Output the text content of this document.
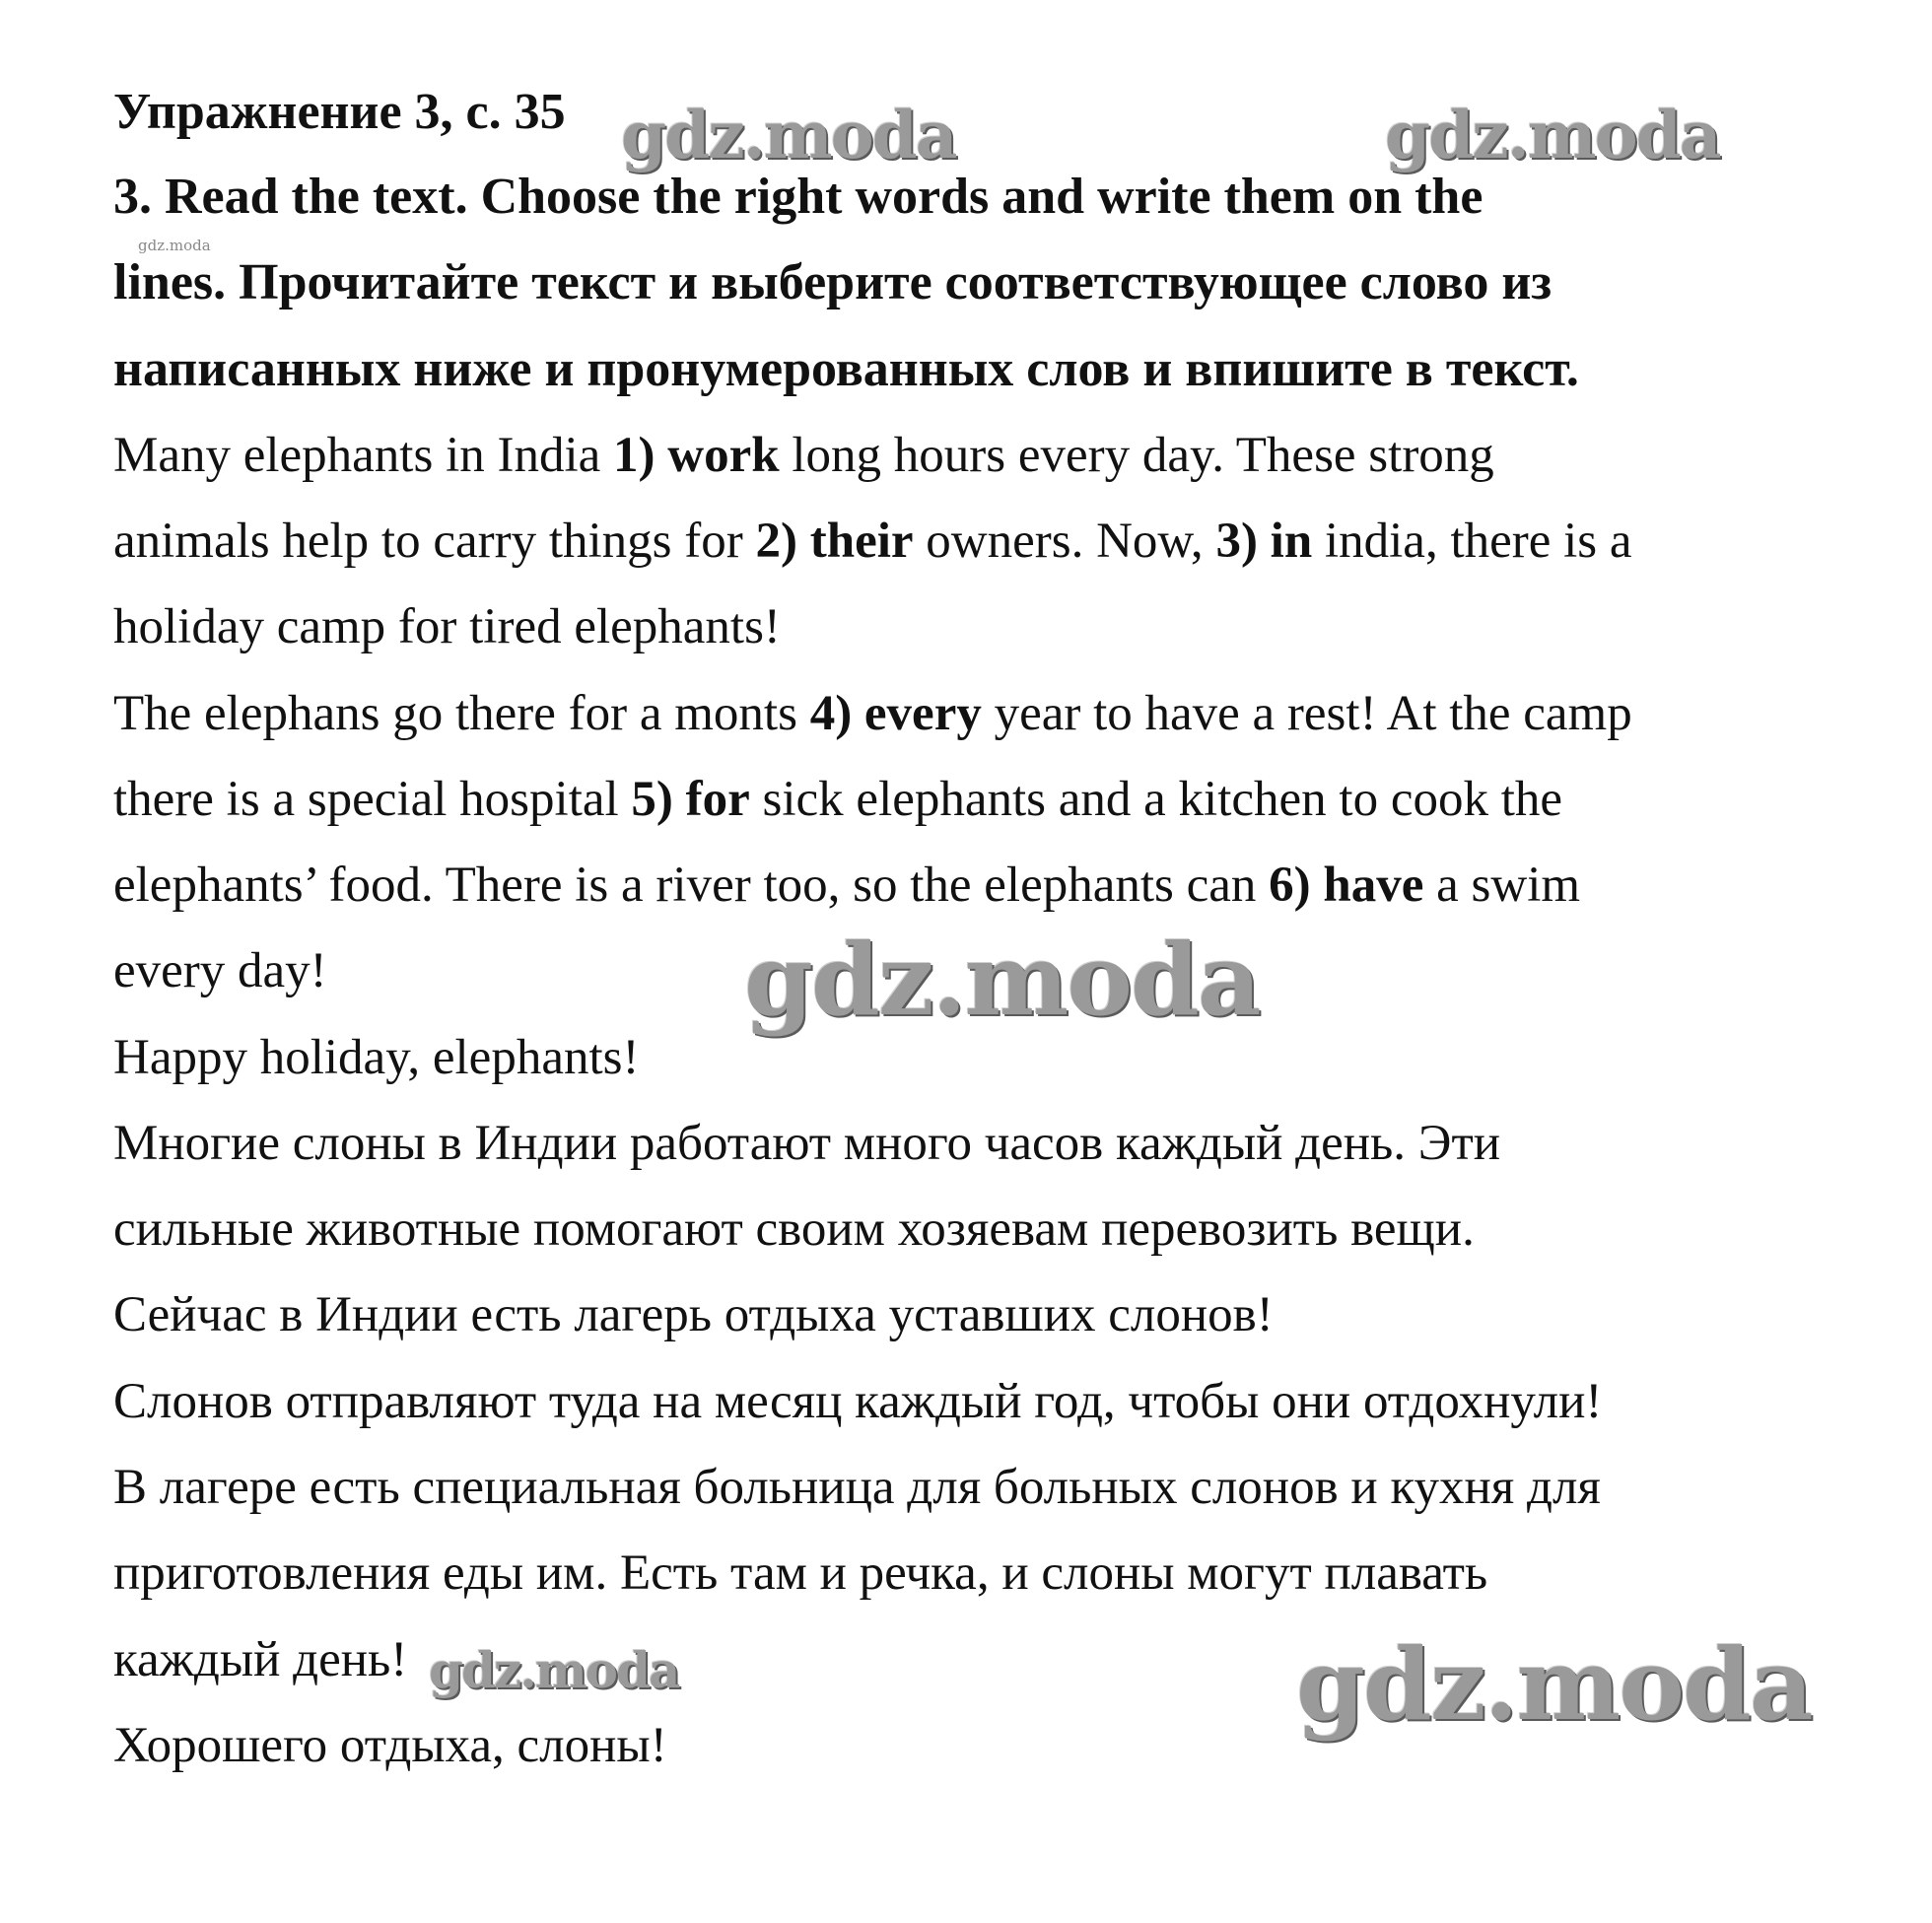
Упражнение 3, с. 35
3. Read the text. Choose the right words and write them on the
lines. Прочитайте текст и выберите соответствующее слово из
написанных ниже и пронумерованных слов и впишите в текст.
Many elephants in India 1) work long hours every day. These strong
animals help to carry things for 2) their owners. Now, 3) in india, there is a
holiday camp for tired elephants!
The elephans go there for a monts 4) every year to have a rest! At the camp
there is a special hospital 5) for sick elephants and a kitchen to cook the
elephants’ food. There is a river too, so the elephants can 6) have a swim
every day!
Happy holiday, elephants!
Многие слоны в Индии работают много часов каждый день. Эти
сильные животные помогают своим хозяевам перевозить вещи.
Сейчас в Индии есть лагерь отдыха уставших слонов!
Слонов отправляют туда на месяц каждый год, чтобы они отдохнули!
В лагере есть специальная больница для больных слонов и кухня для
приготовления еды им. Есть там и речка, и слоны могут плавать
каждый день!
Хорошего отдыха, слоны!
gdz.moda	gdz.moda
gdz.moda
gdz.moda
gdz.moda	gdz.moda
